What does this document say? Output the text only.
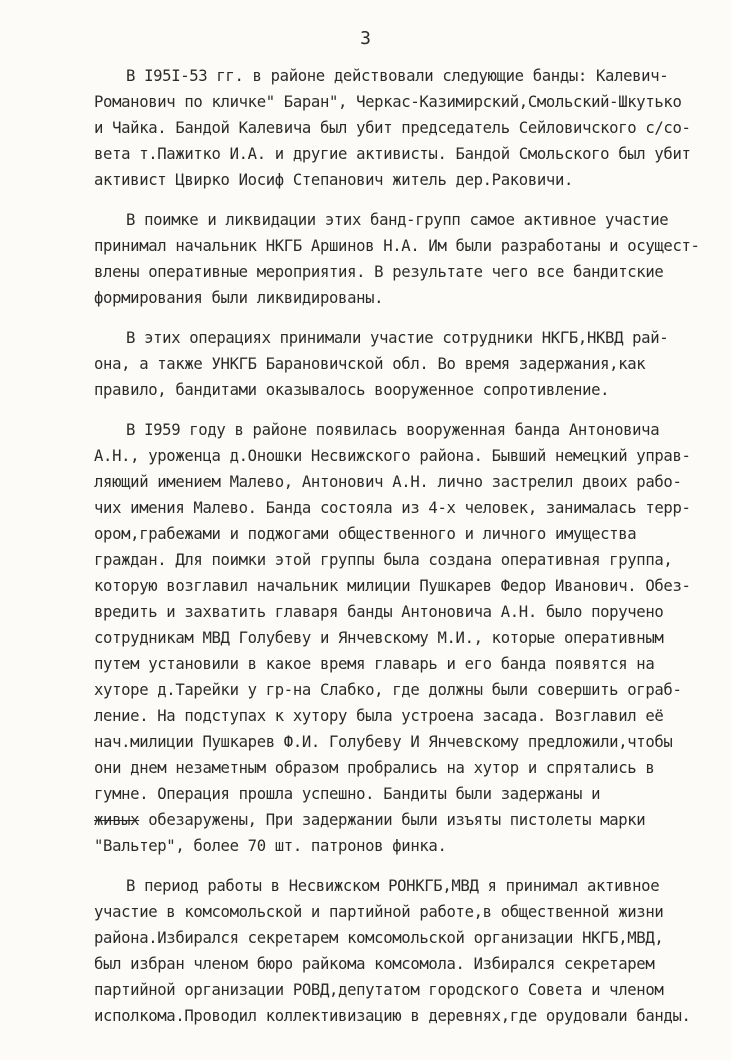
3
В I95I-53 гг. в районе действовали следующие банды: Калевич-
Романович по кличке" Баран", Черкас-Казимирский,Смольский-Шкутько
и Чайка. Бандой Калевича был убит председатель Сейловичского с/со-
вета т.Пажитко И.А. и другие активисты. Бандой Смольского был убит
активист Цвирко Иосиф Степанович житель дер.Раковичи.
В поимке и ликвидации этих банд-групп самое активное участие
принимал начальник НКГБ Аршинов Н.А. Им были разработаны и осущест-
влены оперативные мероприятия. В результате чего все бандитские
формирования были ликвидированы.
В этих операциях принимали участие сотрудники НКГБ,НКВД рай-
она, а также УНКГБ Барановичской обл. Во время задержания,как
правило, бандитами оказывалось вооруженное сопротивление.
В I959 году в районе появилась вооруженная банда Антоновича
А.Н., уроженца д.Оношки Несвижского района. Бывший немецкий управ-
ляющий имением Малево, Антонович А.Н. лично застрелил двоих рабо-
чих имения Малево. Банда состояла из 4-х человек, занималась терр-
ором,грабежами и поджогами общественного и личного имущества
граждан. Для поимки этой группы была создана оперативная группа,
которую возглавил начальник милиции Пушкарев Федор Иванович. Обез-
вредить и захватить главаря банды Антоновича А.Н. было поручено
сотрудникам МВД Голубеву и Янчевскому М.И., которые оперативным
путем установили в какое время главарь и его банда появятся на
хуторе д.Тарейки у гр-на Слабко, где должны были совершить ограб-
ление. На подступах к хутору была устроена засада. Возглавил её
нач.милиции Пушкарев Ф.И. Голубеву И Янчевскому предложили,чтобы
они днем незаметным образом пробрались на хутор и спрятались в
гумне. Операция прошла успешно. Бандиты были задержаны и
живых обезаружены, При задержании были изъяты пистолеты марки
"Вальтер", более 70 шт. патронов финка.
В период работы в Несвижском РОНКГБ,МВД я принимал активное
участие в комсомольской и партийной работе,в общественной жизни
района.Избирался секретарем комсомольской организации НКГБ,МВД,
был избран членом бюро райкома комсомола. Избирался секретарем
партийной организации РОВД,депутатом городского Совета и членом
исполкома.Проводил коллективизацию в деревнях,где орудовали банды.
